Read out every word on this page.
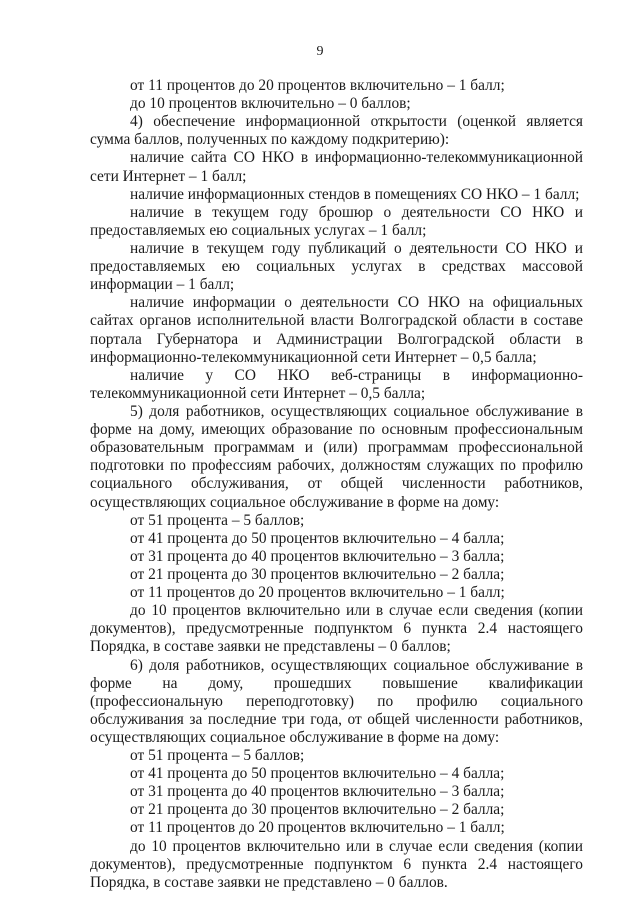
9
от 11 процентов до 20 процентов включительно – 1 балл;
до 10 процентов включительно – 0 баллов;
4) обеспечение информационной открытости (оценкой является сумма баллов, полученных по каждому подкритерию):
наличие сайта СО НКО в информационно-телекоммуникационной сети Интернет – 1 балл;
наличие информационных стендов в помещениях СО НКО – 1 балл;
наличие в текущем году брошюр о деятельности СО НКО и предоставляемых ею социальных услугах – 1 балл;
наличие в текущем году публикаций о деятельности СО НКО и предоставляемых ею социальных услугах в средствах массовой информации – 1 балл;
наличие информации о деятельности СО НКО на официальных сайтах органов исполнительной власти Волгоградской области в составе портала Губернатора и Администрации Волгоградской области в информационно-телекоммуникационной сети Интернет – 0,5 балла;
наличие у СО НКО веб-страницы в информационно-телекоммуникационной сети Интернет – 0,5 балла;
5) доля работников, осуществляющих социальное обслуживание в форме на дому, имеющих образование по основным профессиональным образовательным программам и (или) программам профессиональной подготовки по профессиям рабочих, должностям служащих по профилю социального обслуживания, от общей численности работников, осуществляющих социальное обслуживание в форме на дому:
от 51 процента – 5 баллов;
от 41 процента до 50 процентов включительно – 4 балла;
от 31 процента до 40 процентов включительно – 3 балла;
от 21 процента до 30 процентов включительно – 2 балла;
от 11 процентов до 20 процентов включительно – 1 балл;
до 10 процентов включительно или в случае если сведения (копии документов), предусмотренные подпунктом 6 пункта 2.4 настоящего Порядка, в составе заявки не представлены – 0 баллов;
6) доля работников, осуществляющих социальное обслуживание в форме на дому, прошедших повышение квалификации (профессиональную переподготовку) по профилю социального обслуживания за последние три года, от общей численности работников, осуществляющих социальное обслуживание в форме на дому:
от 51 процента – 5 баллов;
от 41 процента до 50 процентов включительно – 4 балла;
от 31 процента до 40 процентов включительно – 3 балла;
от 21 процента до 30 процентов включительно – 2 балла;
от 11 процентов до 20 процентов включительно – 1 балл;
до 10 процентов включительно или в случае если сведения (копии документов), предусмотренные подпунктом 6 пункта 2.4 настоящего Порядка, в составе заявки не представлено – 0 баллов.
